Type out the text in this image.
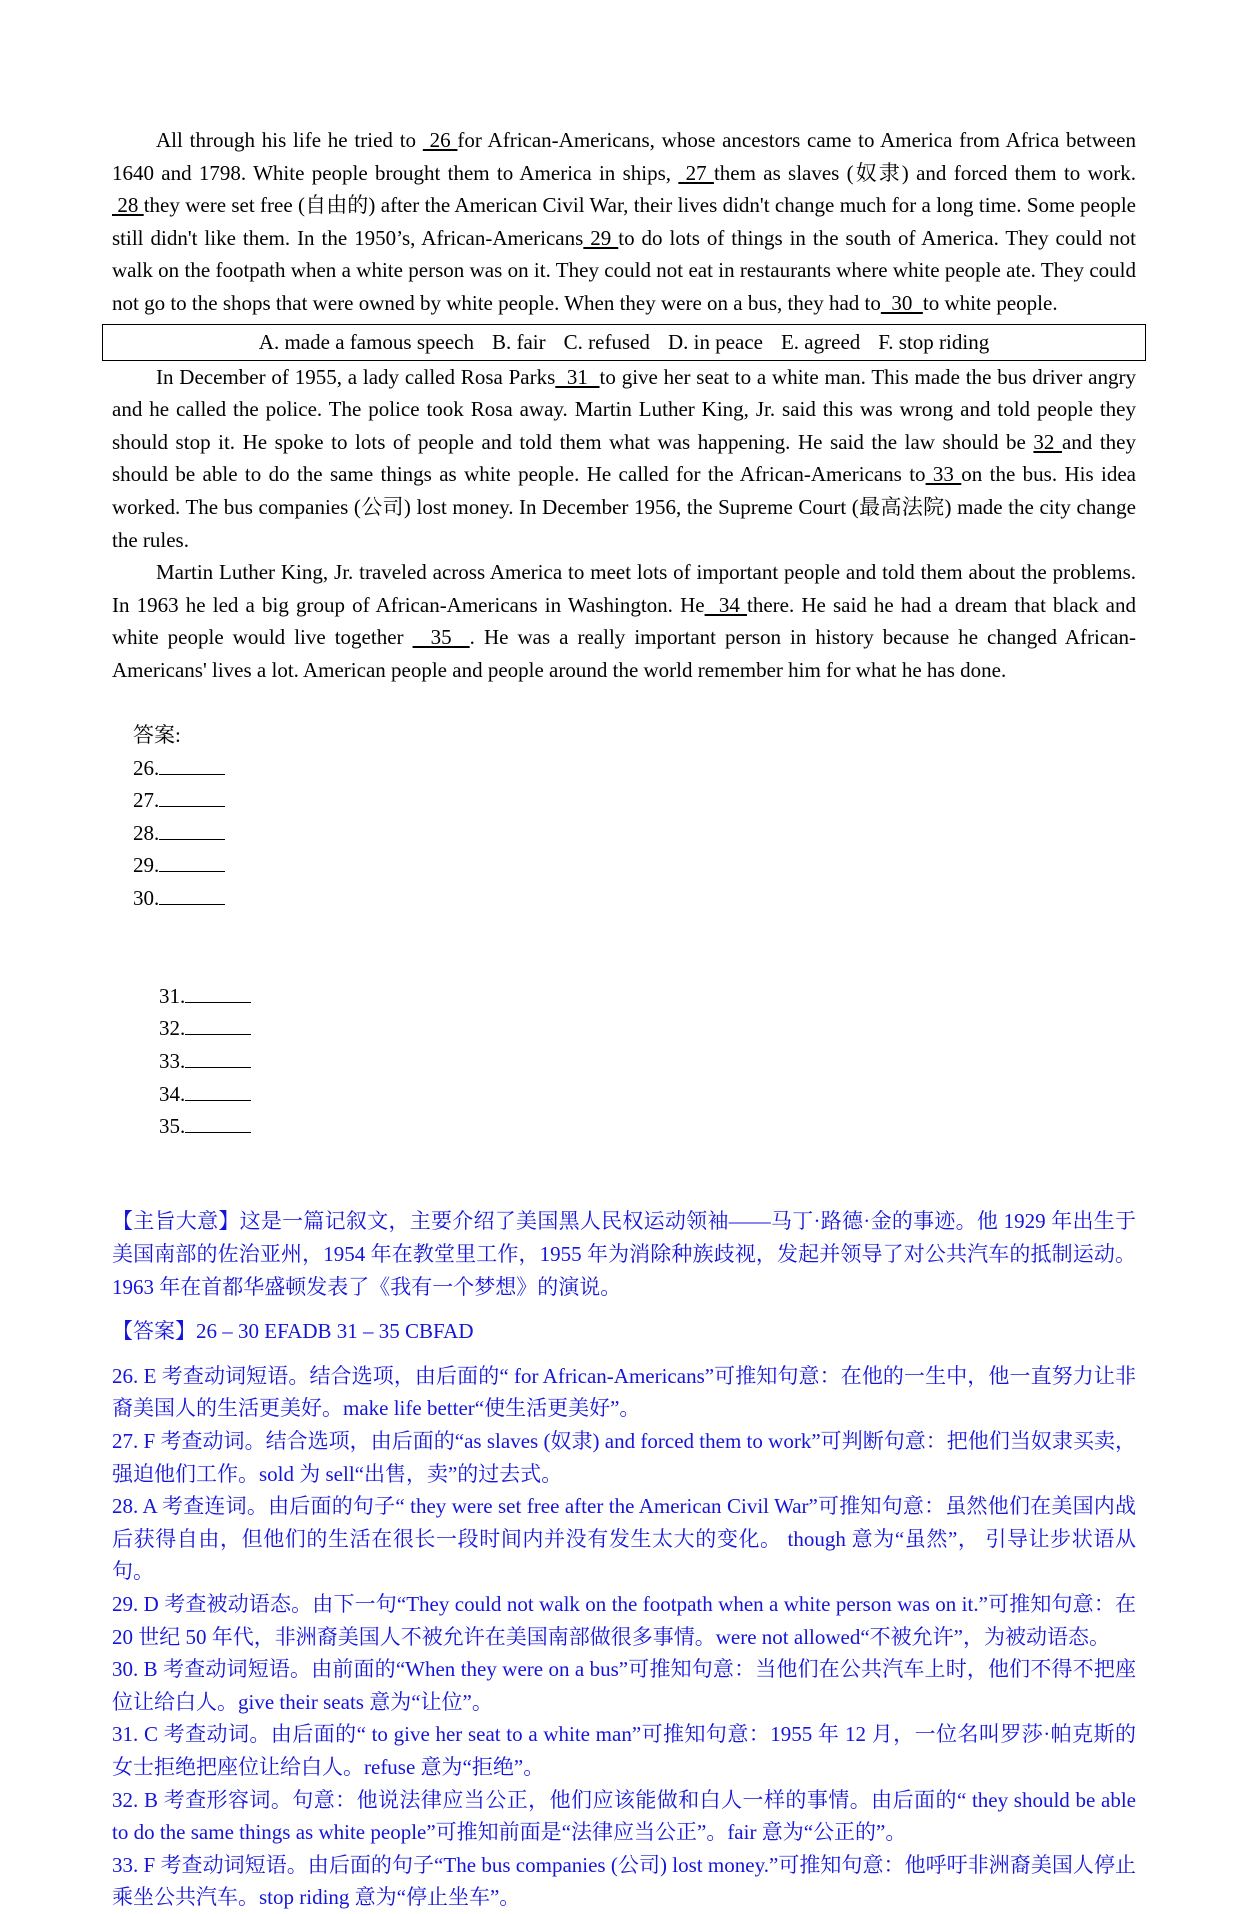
All through his life he tried to  26 for African-Americans, whose ancestors came to America from Africa between 1640 and 1798. White people brought them to America in ships,  27 them as slaves (奴隶) and forced them to work.  28 they were set free (自由的) after the American Civil War, their lives didn't change much for a long time. Some people still didn't like them. In the 1950’s, African-Americans 29 to do lots of things in the south of America. They could not walk on the footpath when a white person was on it. They could not eat in restaurants where white people ate. They could not go to the shops that were owned by white people. When they were on a bus, they had to  30  to white people.

A. made a famous speech B. fair C. refused D. in peace E. agreed F. stop riding

In December of 1955, a lady called Rosa Parks  31  to give her seat to a white man. This made the bus driver angry and he called the police. The police took Rosa away. Martin Luther King, Jr. said this was wrong and told people they should stop it. He spoke to lots of people and told them what was happening. He said the law should be 32 and they should be able to do the same things as white people. He called for the African-Americans to 33 on the bus. His idea worked. The bus companies (公司) lost money. In December 1956, the Supreme Court (最高法院) made the city change the rules.

Martin Luther King, Jr. traveled across America to meet lots of important people and told them about the problems. In 1963 he led a big group of African-Americans in Washington. He  34 there. He said he had a dream that black and white people would live together   35  . He was a really important person in history because he changed African-Americans' lives a lot. American people and people around the world remember him for what he has done.

答案:
26.
27.
28.
29.
30.

31.
32.
33.
34.
35.

【主旨大意】这是一篇记叙文，主要介绍了美国黑人民权运动领袖——马丁·路德·金的事迹。他 1929 年出生于美国南部的佐治亚州，1954 年在教堂里工作，1955 年为消除种族歧视，发起并领导了对公共汽车的抵制运动。1963 年在首都华盛顿发表了《我有一个梦想》的演说。

【答案】26 – 30 EFADB 31 – 35 CBFAD

26. E 考查动词短语。结合选项，由后面的“ for African-Americans”可推知句意：在他的一生中，他一直努力让非裔美国人的生活更美好。make life better“使生活更美好”。

27. F 考查动词。结合选项，由后面的“as slaves (奴隶) and forced them to work”可判断句意：把他们当奴隶买卖，强迫他们工作。sold 为 sell“出售，卖”的过去式。

28. A 考查连词。由后面的句子“ they were set free after the American Civil War”可推知句意：虽然他们在美国内战后获得自由，但他们的生活在很长一段时间内并没有发生太大的变化。 though 意为“虽然”， 引导让步状语从句。

29. D 考查被动语态。由下一句“They could not walk on the footpath when a white person was on it.”可推知句意：在 20 世纪 50 年代，非洲裔美国人不被允许在美国南部做很多事情。were not allowed“不被允许”，为被动语态。

30. B 考查动词短语。由前面的“When they were on a bus”可推知句意：当他们在公共汽车上时，他们不得不把座位让给白人。give their seats 意为“让位”。

31. C 考查动词。由后面的“ to give her seat to a white man”可推知句意：1955 年 12 月，一位名叫罗莎·帕克斯的女士拒绝把座位让给白人。refuse 意为“拒绝”。

32. B 考查形容词。句意：他说法律应当公正，他们应该能做和白人一样的事情。由后面的“ they should be able to do the same things as white people”可推知前面是“法律应当公正”。fair 意为“公正的”。

33. F 考查动词短语。由后面的句子“The bus companies (公司) lost money.”可推知句意：他呼吁非洲裔美国人停止乘坐公共汽车。stop riding 意为“停止坐车”。
